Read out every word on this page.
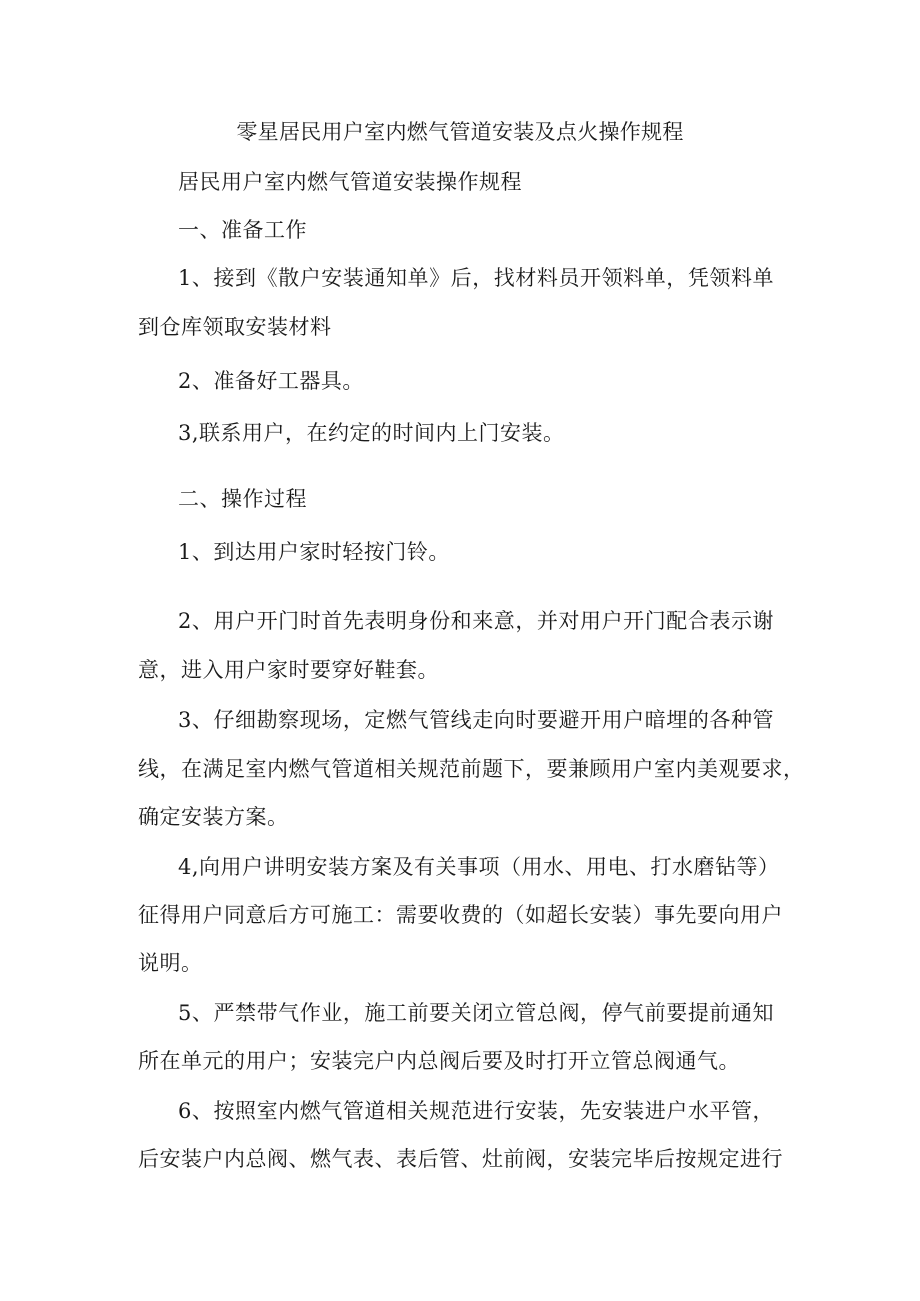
零星居民用户室内燃气管道安装及点火操作规程

居民用户室内燃气管道安装操作规程

一、准备工作

1、接到《散户安装通知单》后，找材料员开领料单，凭领料单

到仓库领取安装材料

2、准备好工器具。

3,联系用户，在约定的时间内上门安装。

二、操作过程

1、到达用户家时轻按门铃。

2、用户开门时首先表明身份和来意，并对用户开门配合表示谢

意，进入用户家时要穿好鞋套。

3、仔细勘察现场，定燃气管线走向时要避开用户暗埋的各种管

线，在满足室内燃气管道相关规范前题下，要兼顾用户室内美观要求，

确定安装方案。

4,向用户讲明安装方案及有关事项（用水、用电、打水磨钻等）

征得用户同意后方可施工：需要收费的（如超长安装）事先要向用户

说明。

5、严禁带气作业，施工前要关闭立管总阀，停气前要提前通知

所在单元的用户；安装完户内总阀后要及时打开立管总阀通气。

6、按照室内燃气管道相关规范进行安装，先安装进户水平管，

后安装户内总阀、燃气表、表后管、灶前阀，安装完毕后按规定进行
